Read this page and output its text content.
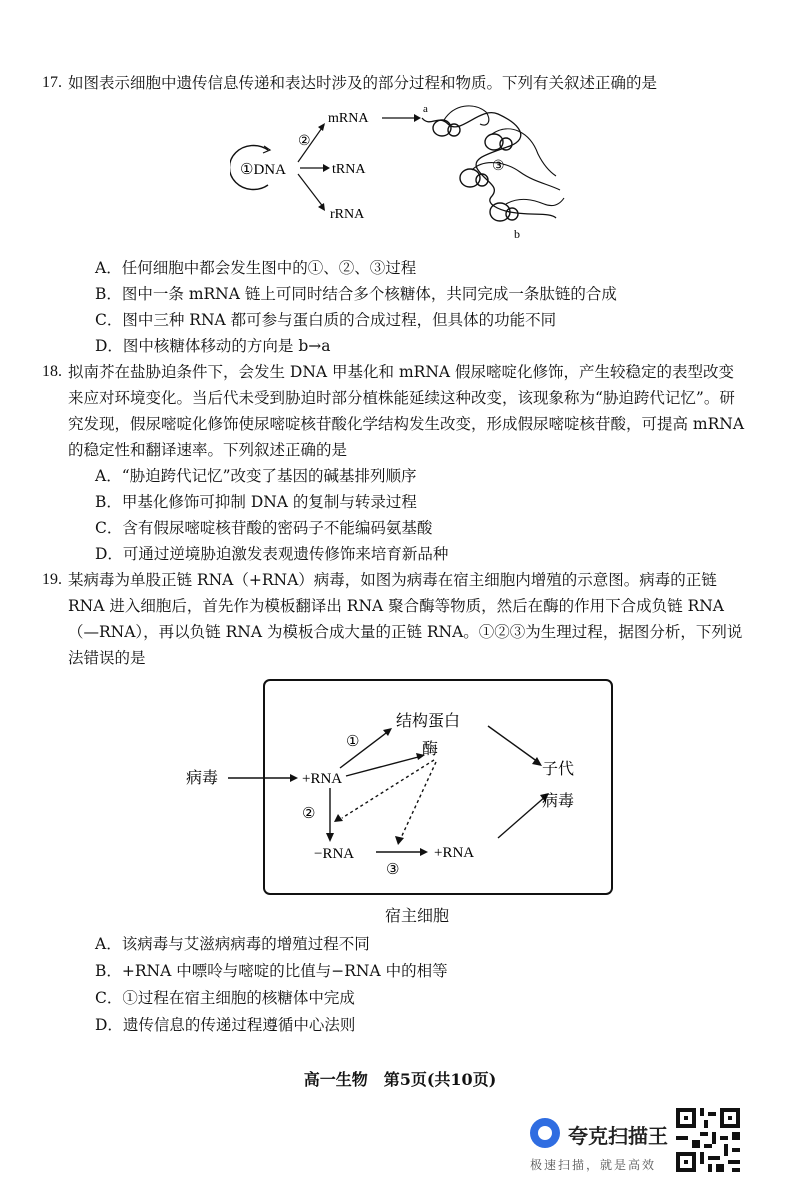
17. 如图表示细胞中遗传信息传递和表达时涉及的部分过程和物质。下列有关叙述正确的是
①DNA
②
mRNA
tRNA
rRNA
a
③
b
A．任何细胞中都会发生图中的①、②、③过程
B．图中一条 mRNA 链上可同时结合多个核糖体，共同完成一条肽链的合成
C．图中三种 RNA 都可参与蛋白质的合成过程，但具体的功能不同
D．图中核糖体移动的方向是 b→a
18. 拟南芥在盐胁迫条件下，会发生 DNA 甲基化和 mRNA 假尿嘧啶化修饰，产生较稳定的表型改变来应对环境变化。当后代未受到胁迫时部分植株能延续这种改变，该现象称为“胁迫跨代记忆”。研究发现，假尿嘧啶化修饰使尿嘧啶核苷酸化学结构发生改变，形成假尿嘧啶核苷酸，可提高 mRNA 的稳定性和翻译速率。下列叙述正确的是
A．“胁迫跨代记忆”改变了基因的碱基排列顺序
B．甲基化修饰可抑制 DNA 的复制与转录过程
C．含有假尿嘧啶核苷酸的密码子不能编码氨基酸
D．可通过逆境胁迫激发表观遗传修饰来培育新品种
19. 某病毒为单股正链 RNA（+RNA）病毒，如图为病毒在宿主细胞内增殖的示意图。病毒的正链 RNA 进入细胞后，首先作为模板翻译出 RNA 聚合酶等物质，然后在酶的作用下合成负链 RNA（—RNA），再以负链 RNA 为模板合成大量的正链 RNA。①②③为生理过程，据图分析，下列说法错误的是
病毒	+RNA
①
结构蛋白
酶
②
−RNA
③
+RNA
子代
病毒
宿主细胞
A．该病毒与艾滋病病毒的增殖过程不同
B．+RNA 中嘌呤与嘧啶的比值与−RNA 中的相等
C．①过程在宿主细胞的核糖体中完成
D．遗传信息的传递过程遵循中心法则
高一生物　第5页(共10页)
夸克扫描王
极速扫描，就是高效
